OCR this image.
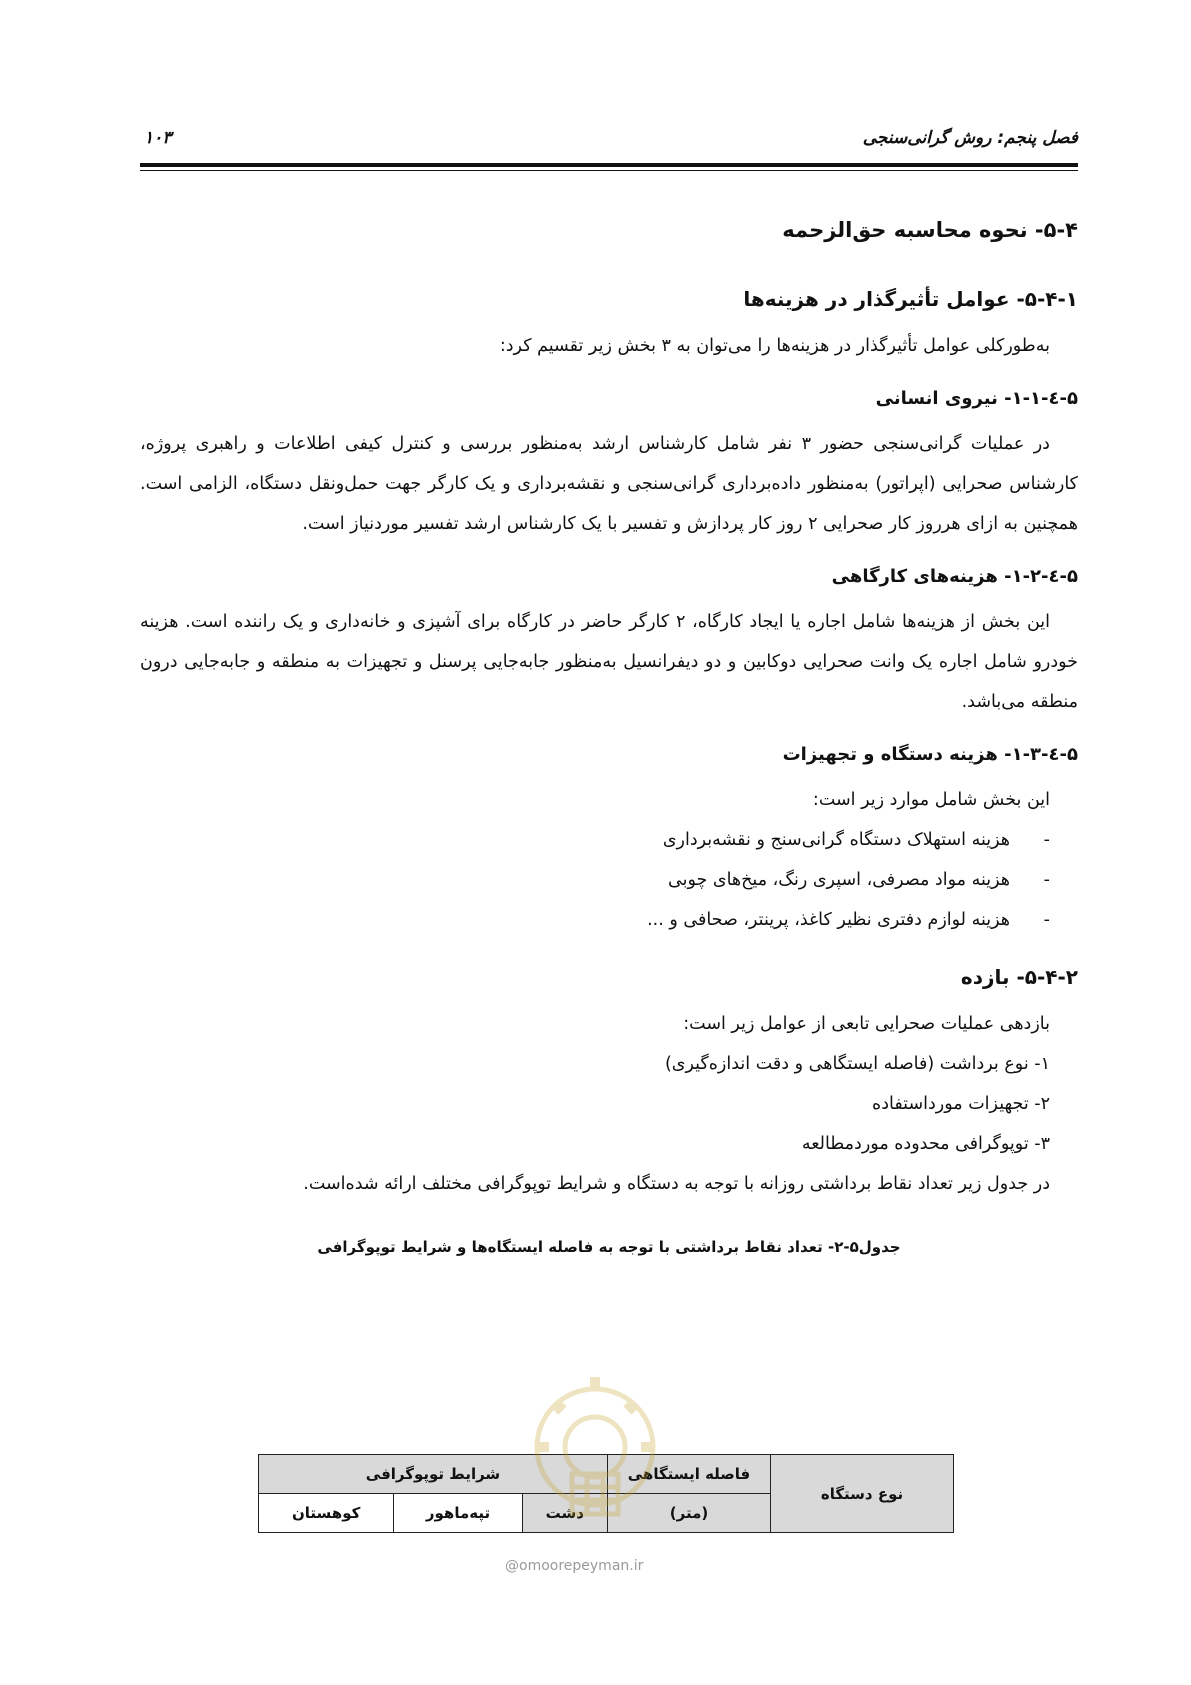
فصل پنجم: روش گرانی‌سنجی
۱۰۳
۵-۴- نحوه محاسبه حق‌الزحمه
۵-۴-۱- عوامل تأثیرگذار در هزینه‌ها

به‌طورکلی عوامل تأثیرگذار در هزینه‌ها را می‌توان به ۳ بخش زیر تقسیم کرد:

۵-٤-۱-۱- نیروی انسانی

در عملیات گرانی‌سنجی حضور ۳ نفر شامل کارشناس ارشد به‌منظور بررسی و کنترل کیفی اطلاعات و راهبری پروژه، کارشناس صحرایی (اپراتور) به‌منظور داده‌برداری گرانی‌سنجی و نقشه‌برداری و یک کارگر جهت حمل‌ونقل دستگاه، الزامی است. همچنین به ازای هرروز کار صحرایی ۲ روز کار پردازش و تفسیر با یک کارشناس ارشد تفسیر موردنیاز است.

۵-٤-۱-۲- هزینه‌های کارگاهی

این بخش از هزینه‌ها شامل اجاره یا ایجاد کارگاه، ۲ کارگر حاضر در کارگاه برای آشپزی و خانه‌داری و یک راننده است. هزینه خودرو شامل اجاره یک وانت صحرایی دوکابین و دو دیفرانسیل به‌منظور جابه‌جایی پرسنل و تجهیزات به منطقه و جابه‌جایی درون منطقه می‌باشد.

۵-٤-۱-۳- هزینه دستگاه و تجهیزات

این بخش شامل موارد زیر است:

-هزینه استهلاک دستگاه گرانی‌سنج و نقشه‌برداری
-هزینه مواد مصرفی، اسپری رنگ، میخ‌های چوبی
-هزینه لوازم دفتری نظیر کاغذ، پرینتر، صحافی و ...
۵-۴-۲- بازده

بازدهی عملیات صحرایی تابعی از عوامل زیر است:

۱- نوع برداشت (فاصله ایستگاهی و دقت اندازه‌گیری)
۲- تجهیزات مورداستفاده
۳- توپوگرافی محدوده موردمطالعه

در جدول زیر تعداد نقاط برداشتی روزانه با توجه به دستگاه و شرایط توپوگرافی مختلف ارائه شده‌است.

جدول۵-۲- تعداد نقاط برداشتی با توجه به فاصله ایستگاه‌ها و شرایط توپوگرافی
نوع دستگاه	فاصله ایستگاهی	شرایط توپوگرافی		
	(متر)	دشت	تپه‌ماهور	کوهستان
@omoorepeyman.ir
